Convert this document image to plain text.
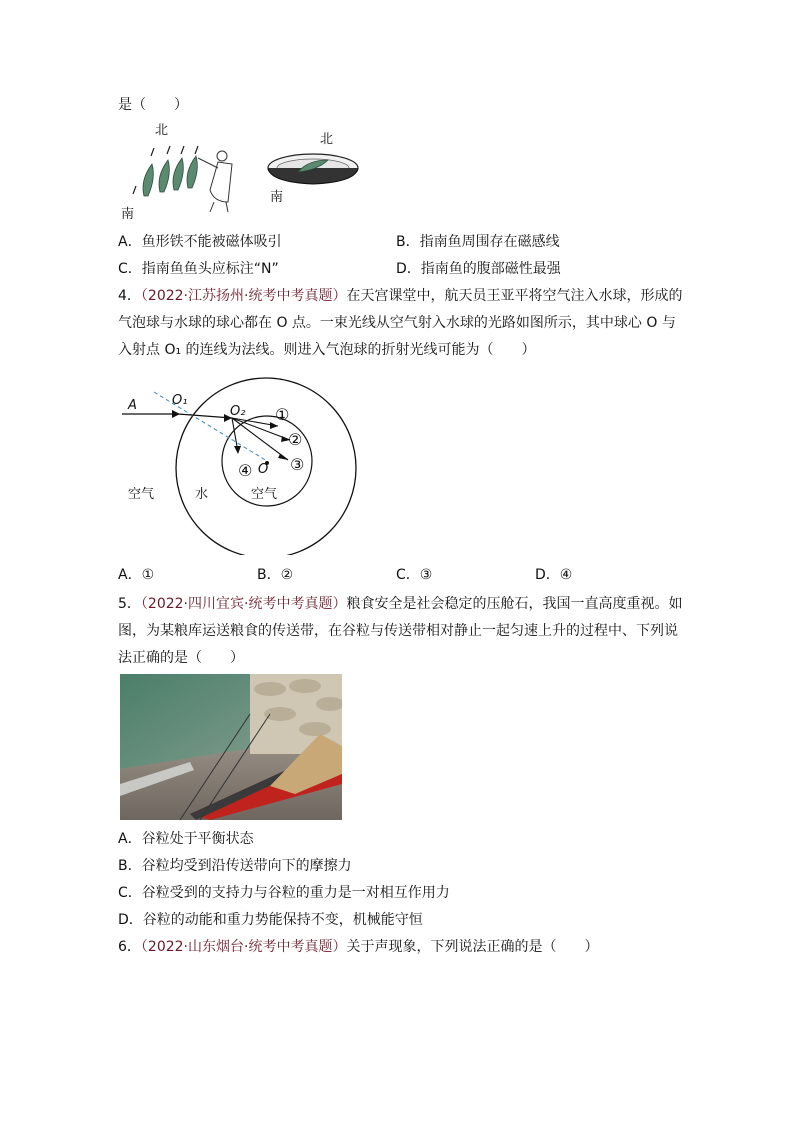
是（　　）
北
南
北
南
A．鱼形铁不能被磁体吸引	B．指南鱼周围存在磁感线
C．指南鱼鱼头应标注“N”	D．指南鱼的腹部磁性最强
4．（2022·江苏扬州·统考中考真题）在天宫课堂中，航天员王亚平将空气注入水球，形成的
气泡球与水球的球心都在 O 点。一束光线从空气射入水球的光路如图所示，其中球心 O 与
入射点 O₁ 的连线为法线。则进入气泡球的折射光线可能为（　　）
A	O₁
O₂
O
①
②
③
④
空气	水	空气
A．①	B．②	C．③	D．④
5．（2022·四川宜宾·统考中考真题）粮食安全是社会稳定的压舱石，我国一直高度重视。如
图，为某粮库运送粮食的传送带，在谷粒与传送带相对静止一起匀速上升的过程中、下列说
法正确的是（　　）
A．谷粒处于平衡状态
B．谷粒均受到沿传送带向下的摩擦力
C．谷粒受到的支持力与谷粒的重力是一对相互作用力
D．谷粒的动能和重力势能保持不变，机械能守恒
6．（2022·山东烟台·统考中考真题）关于声现象，下列说法正确的是（　　）
